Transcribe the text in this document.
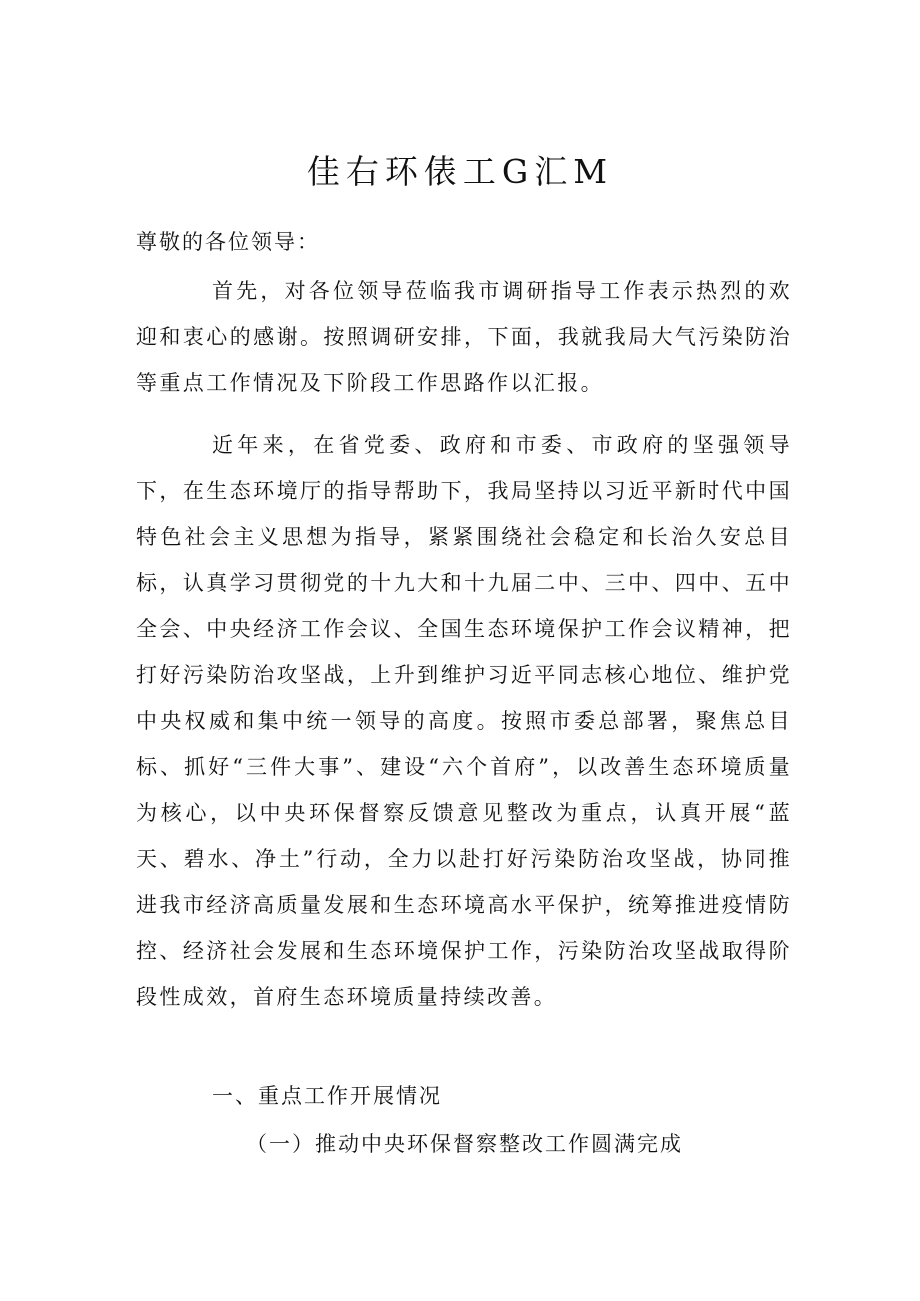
佳右环俵工G汇M

尊敬的各位领导：

首先，对各位领导莅临我市调研指导工作表示热烈的欢迎和衷心的感谢。按照调研安排，下面，我就我局大气污染防治等重点工作情况及下阶段工作思路作以汇报。

近年来，在省党委、政府和市委、市政府的坚强领导下，在生态环境厅的指导帮助下，我局坚持以习近平新时代中国特色社会主义思想为指导，紧紧围绕社会稳定和长治久安总目标，认真学习贯彻党的十九大和十九届二中、三中、四中、五中全会、中央经济工作会议、全国生态环境保护工作会议精神，把打好污染防治攻坚战，上升到维护习近平同志核心地位、维护党中央权威和集中统一领导的高度。按照市委总部署，聚焦总目标、抓好“三件大事”、建设“六个首府”，以改善生态环境质量为核心，以中央环保督察反馈意见整改为重点，认真开展“蓝天、碧水、净土”行动，全力以赴打好污染防治攻坚战，协同推进我市经济高质量发展和生态环境高水平保护，统筹推进疫情防控、经济社会发展和生态环境保护工作，污染防治攻坚战取得阶段性成效，首府生态环境质量持续改善。

一、重点工作开展情况

（一）推动中央环保督察整改工作圆满完成
